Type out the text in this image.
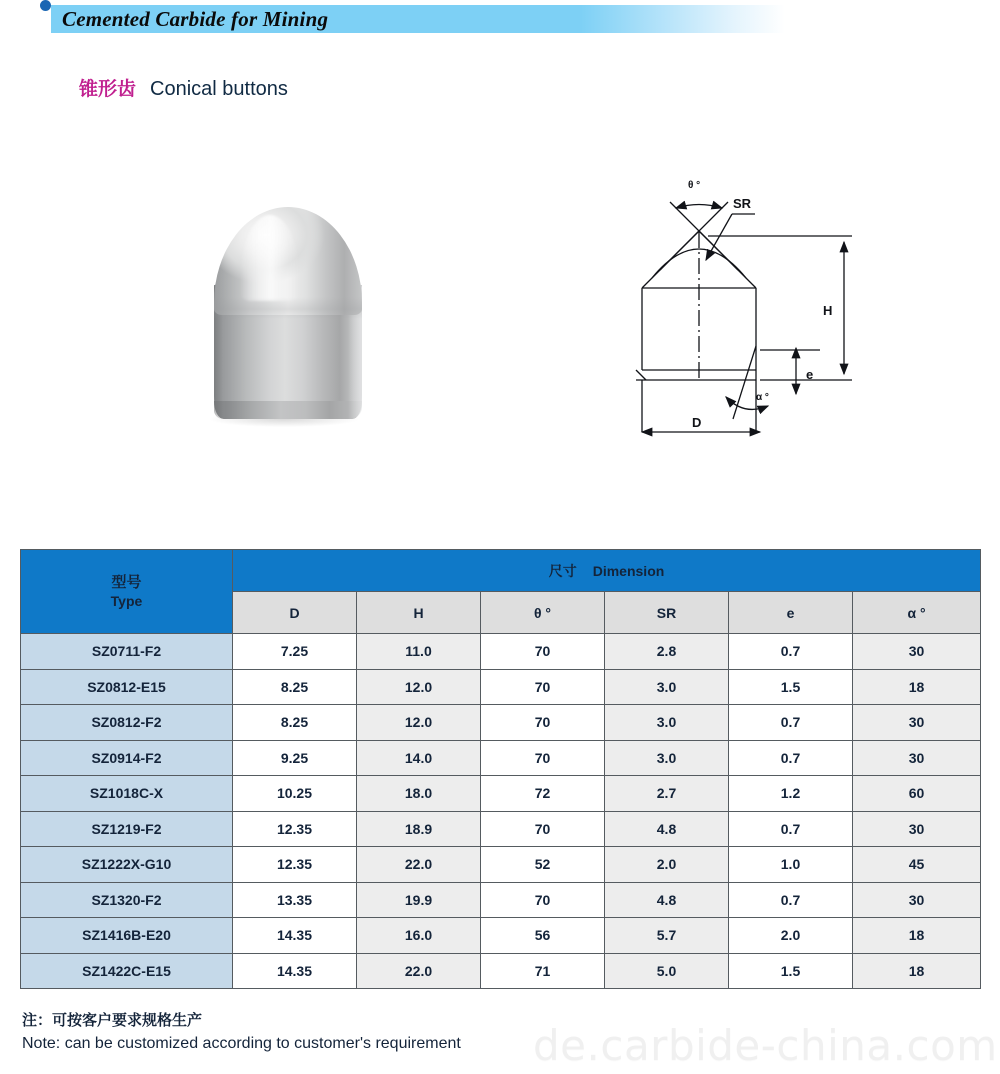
Cemented Carbide for Mining
锥形齿 Conical buttons
θ °
SR
H
e
D
α °
型号
Type	尺寸 Dimension					
	D	H	θ °	SR	e	α °
SZ0711-F2	7.25	11.0	70	2.8	0.7	30
SZ0812-E15	8.25	12.0	70	3.0	1.5	18
SZ0812-F2	8.25	12.0	70	3.0	0.7	30
SZ0914-F2	9.25	14.0	70	3.0	0.7	30
SZ1018C-X	10.25	18.0	72	2.7	1.2	60
SZ1219-F2	12.35	18.9	70	4.8	0.7	30
SZ1222X-G10	12.35	22.0	52	2.0	1.0	45
SZ1320-F2	13.35	19.9	70	4.8	0.7	30
SZ1416B-E20	14.35	16.0	56	5.7	2.0	18
SZ1422C-E15	14.35	22.0	71	5.0	1.5	18
注：可按客户要求规格生产
Note: can be customized according to customer's requirement de.carbide-china.com
